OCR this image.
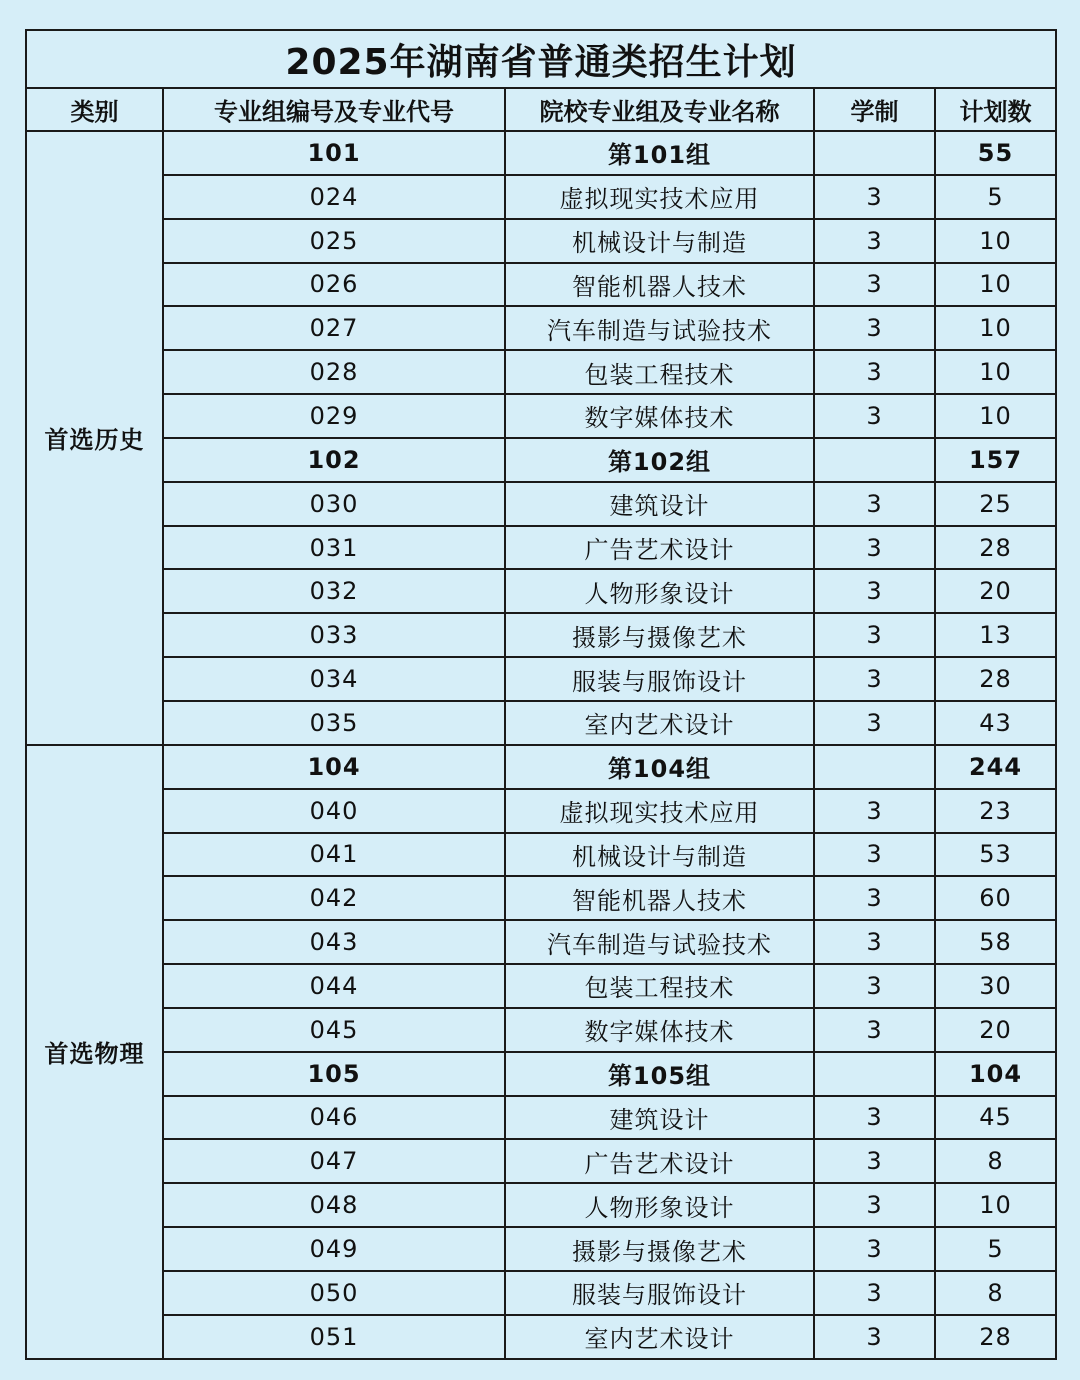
2025年湖南省普通类招生计划				
类别	专业组编号及专业代号	院校专业组及专业名称	学制	计划数
首选历史	101	第101组		55
	024	虚拟现实技术应用	3	5
	025	机械设计与制造	3	10
	026	智能机器人技术	3	10
	027	汽车制造与试验技术	3	10
	028	包装工程技术	3	10
	029	数字媒体技术	3	10
	102	第102组		157
	030	建筑设计	3	25
	031	广告艺术设计	3	28
	032	人物形象设计	3	20
	033	摄影与摄像艺术	3	13
	034	服装与服饰设计	3	28
	035	室内艺术设计	3	43
首选物理	104	第104组		244
	040	虚拟现实技术应用	3	23
	041	机械设计与制造	3	53
	042	智能机器人技术	3	60
	043	汽车制造与试验技术	3	58
	044	包装工程技术	3	30
	045	数字媒体技术	3	20
	105	第105组		104
	046	建筑设计	3	45
	047	广告艺术设计	3	8
	048	人物形象设计	3	10
	049	摄影与摄像艺术	3	5
	050	服装与服饰设计	3	8
	051	室内艺术设计	3	28
